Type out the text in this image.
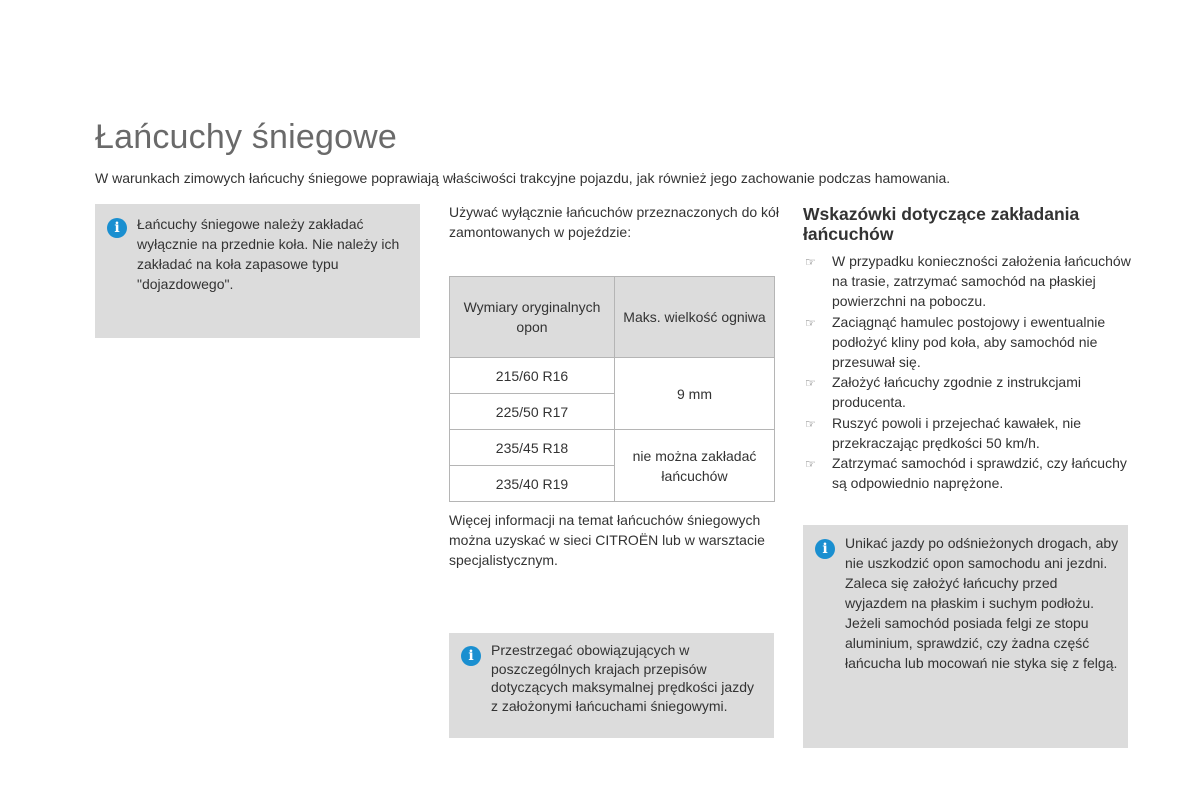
Łańcuchy śniegowe
W warunkach zimowych łańcuchy śniegowe poprawiają właściwości trakcyjne pojazdu, jak również jego zachowanie podczas hamowania.
i	Łańcuchy śniegowe należy zakładać wyłącznie na przednie koła. Nie należy ich zakładać na koła zapasowe typu "dojazdowego".
Używać wyłącznie łańcuchów przeznaczonych do kół zamontowanych w pojeździe:
Wymiary oryginalnych opon	Maks. wielkość ogniwa
215/60 R16	9 mm
225/50 R17	
235/45 R18	nie można zakładać łańcuchów
235/40 R19	
Więcej informacji na temat łańcuchów śniegowych można uzyskać w sieci CITROËN lub w warsztacie specjalistycznym.
i	Przestrzegać obowiązujących w poszczególnych krajach przepisów dotyczących maksymalnej prędkości jazdy z założonymi łańcuchami śniegowymi.
Wskazówki dotyczące zakładania łańcuchów
☞ W przypadku konieczności założenia łańcuchów na trasie, zatrzymać samochód na płaskiej powierzchni na poboczu.
☞ Zaciągnąć hamulec postojowy i ewentualnie podłożyć kliny pod koła, aby samochód nie przesuwał się.
☞ Założyć łańcuchy zgodnie z instrukcjami producenta.
☞ Ruszyć powoli i przejechać kawałek, nie przekraczając prędkości 50 km/h.
☞ Zatrzymać samochód i sprawdzić, czy łańcuchy są odpowiednio naprężone.
i	Unikać jazdy po odśnieżonych drogach, aby nie uszkodzić opon samochodu ani jezdni. Zaleca się założyć łańcuchy przed wyjazdem na płaskim i suchym podłożu. Jeżeli samochód posiada felgi ze stopu aluminium, sprawdzić, czy żadna część łańcucha lub mocowań nie styka się z felgą.
